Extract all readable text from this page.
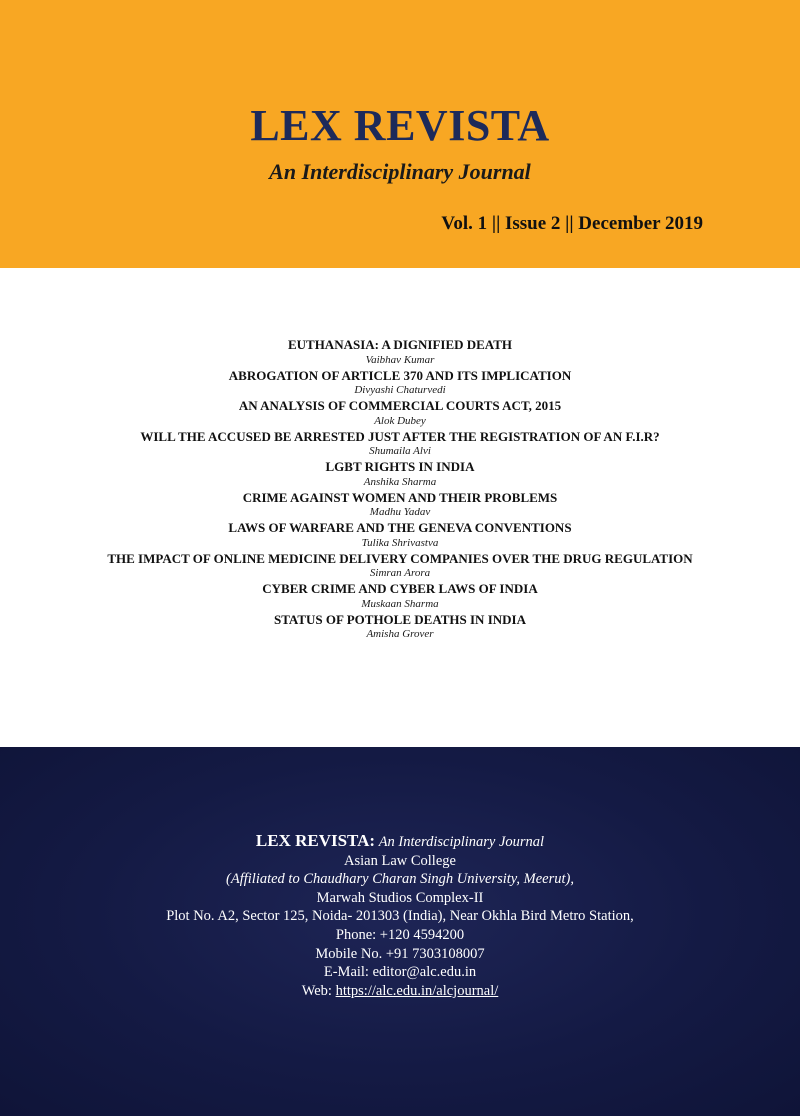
LEX REVISTA
An Interdisciplinary Journal
Vol. 1 || Issue 2 || December 2019
EUTHANASIA: A DIGNIFIED DEATH
Vaibhav Kumar
ABROGATION OF ARTICLE 370 AND ITS IMPLICATION
Divyashi Chaturvedi
AN ANALYSIS OF COMMERCIAL COURTS ACT, 2015
Alok Dubey
WILL THE ACCUSED BE ARRESTED JUST AFTER THE REGISTRATION OF AN F.I.R?
Shumaila Alvi
LGBT RIGHTS IN INDIA
Anshika Sharma
CRIME AGAINST WOMEN AND THEIR PROBLEMS
Madhu Yadav
LAWS OF WARFARE AND THE GENEVA CONVENTIONS
Tulika Shrivastva
THE IMPACT OF ONLINE MEDICINE DELIVERY COMPANIES OVER THE DRUG REGULATION
Simran Arora
CYBER CRIME AND CYBER LAWS OF INDIA
Muskaan Sharma
STATUS OF POTHOLE DEATHS IN INDIA
Amisha Grover
LEX REVISTA: An Interdisciplinary Journal
Asian Law College
(Affiliated to Chaudhary Charan Singh University, Meerut),
Marwah Studios Complex-II
Plot No. A2, Sector 125, Noida- 201303 (India), Near Okhla Bird Metro Station,
Phone: +120 4594200
Mobile No. +91 7303108007
E-Mail: editor@alc.edu.in
Web: https://alc.edu.in/alcjournal/
